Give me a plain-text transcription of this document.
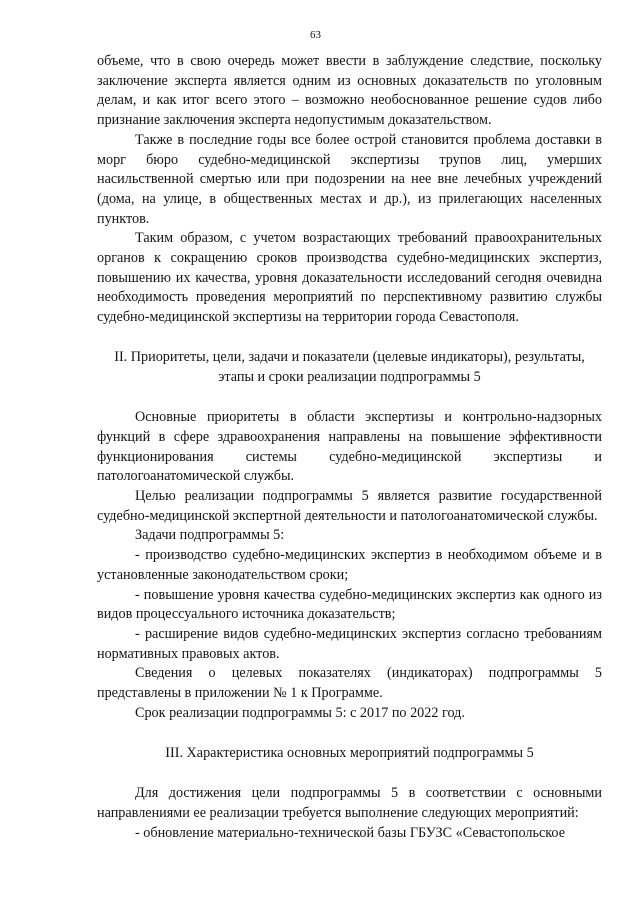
63

объеме, что в свою очередь может ввести в заблуждение следствие, поскольку заключение эксперта является одним из основных доказательств по уголовным делам, и как итог всего этого – возможно необоснованное решение судов либо признание заключения эксперта недопустимым доказательством.

Также в последние годы все более острой становится проблема доставки в морг бюро судебно-медицинской экспертизы трупов лиц, умерших насильственной смертью или при подозрении на нее вне лечебных учреждений (дома, на улице, в общественных местах и др.), из прилегающих населенных пунктов.

Таким образом, с учетом возрастающих требований правоохранительных органов к сокращению сроков производства судебно-медицинских экспертиз, повышению их качества, уровня доказательности исследований сегодня очевидна необходимость проведения мероприятий по перспективному развитию службы судебно-медицинской экспертизы на территории города Севастополя.

II. Приоритеты, цели, задачи и показатели (целевые индикаторы), результаты, этапы и сроки реализации подпрограммы 5

Основные приоритеты в области экспертизы и контрольно-надзорных функций в сфере здравоохранения направлены на повышение эффективности функционирования системы судебно-медицинской экспертизы и патологоанатомической службы.

Целью реализации подпрограммы 5 является развитие государственной судебно-медицинской экспертной деятельности и патологоанатомической службы.

Задачи подпрограммы 5:

- производство судебно-медицинских экспертиз в необходимом объеме и в установленные законодательством сроки;

- повышение уровня качества судебно-медицинских экспертиз как одного из видов процессуального источника доказательств;

- расширение видов судебно-медицинских экспертиз согласно требованиям нормативных правовых актов.

Сведения о целевых показателях (индикаторах) подпрограммы 5 представлены в приложении № 1 к Программе.

Срок реализации подпрограммы 5: с 2017 по 2022 год.

III. Характеристика основных мероприятий подпрограммы 5

Для достижения цели подпрограммы 5 в соответствии с основными направлениями ее реализации требуется выполнение следующих мероприятий:

- обновление материально-технической базы ГБУЗС «Севастопольское
